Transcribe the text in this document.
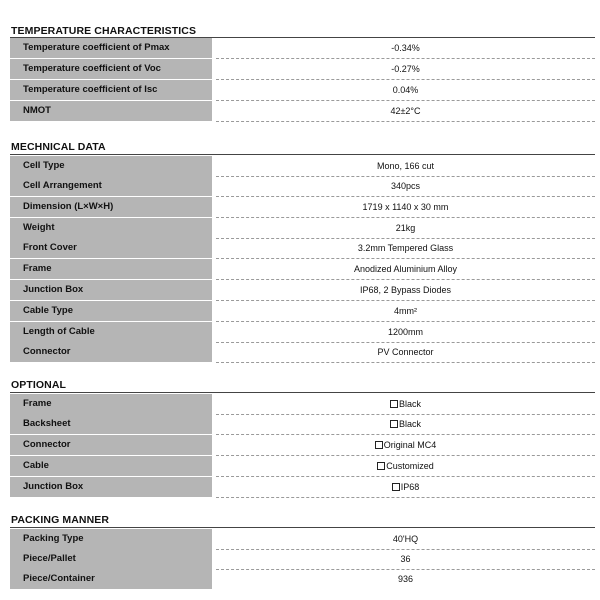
TEMPERATURE CHARACTERISTICS
Temperature coefficient of Pmax	-0.34%
Temperature coefficient of Voc	-0.27%
Temperature coefficient of Isc	0.04%
NMOT	42±2°C
MECHNICAL DATA
Cell Type	Mono, 166 cut
Cell Arrangement	340pcs
Dimension (L×W×H)	1719 x 1140 x 30 mm
Weight	21kg
Front Cover	3.2mm Tempered Glass
Frame	Anodized Aluminium Alloy
Junction Box	IP68, 2 Bypass Diodes
Cable Type	4mm²
Length of Cable	1200mm
Connector	PV Connector
OPTIONAL
Frame	Black
Backsheet	Black
Connector	Original MC4
Cable	Customized
Junction Box	IP68
PACKING MANNER
Packing Type	40'HQ
Piece/Pallet	36
Piece/Container	936
